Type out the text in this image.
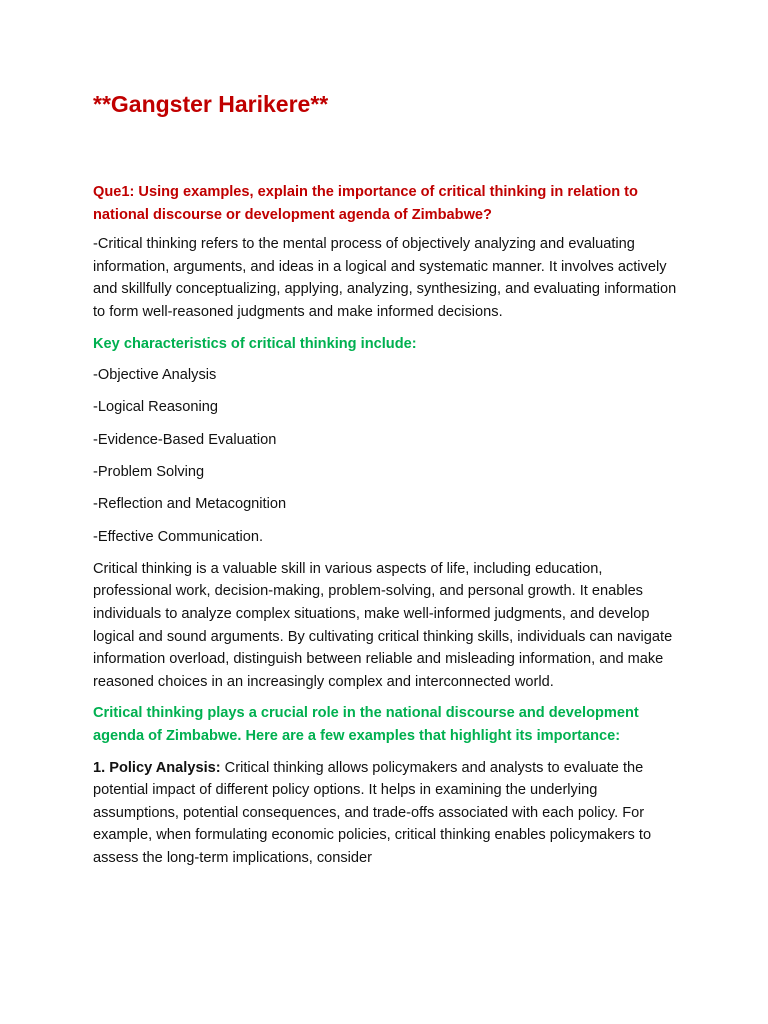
**Gangster Harikere**

Que1: Using examples, explain the importance of critical thinking in relation to national discourse or development agenda of Zimbabwe?

-Critical thinking refers to the mental process of objectively analyzing and evaluating information, arguments, and ideas in a logical and systematic manner. It involves actively and skillfully conceptualizing, applying, analyzing, synthesizing, and evaluating information to form well-reasoned judgments and make informed decisions.

Key characteristics of critical thinking include:

-Objective Analysis

-Logical Reasoning

-Evidence-Based Evaluation

-Problem Solving

-Reflection and Metacognition

-Effective Communication.

Critical thinking is a valuable skill in various aspects of life, including education, professional work, decision-making, problem-solving, and personal growth. It enables individuals to analyze complex situations, make well-informed judgments, and develop logical and sound arguments. By cultivating critical thinking skills, individuals can navigate information overload, distinguish between reliable and misleading information, and make reasoned choices in an increasingly complex and interconnected world.

Critical thinking plays a crucial role in the national discourse and development agenda of Zimbabwe. Here are a few examples that highlight its importance:

1. Policy Analysis: Critical thinking allows policymakers and analysts to evaluate the potential impact of different policy options. It helps in examining the underlying assumptions, potential consequences, and trade-offs associated with each policy. For example, when formulating economic policies, critical thinking enables policymakers to assess the long-term implications, consider
